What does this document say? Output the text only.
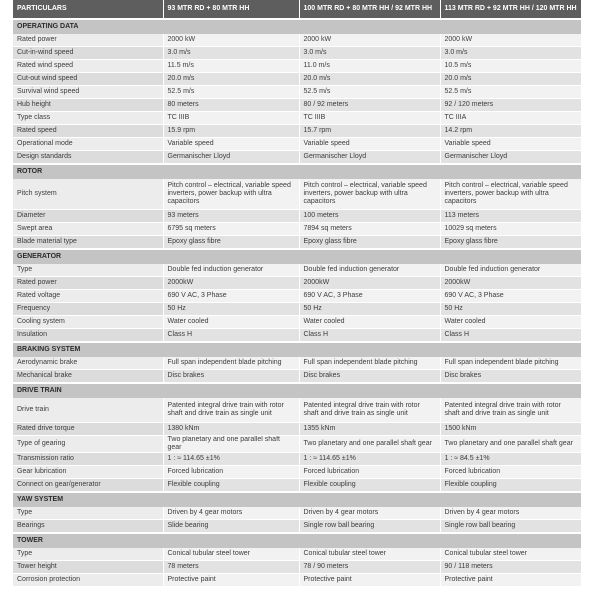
PARTICULARS	93 MTR RD + 80 MTR HH	100 MTR RD + 80 MTR HH / 92 MTR HH	113 MTR RD + 92 MTR HH / 120 MTR HH
OPERATING DATA			
Rated power	2000 kW	2000 kW	2000 kW
Cut-in-wind speed	3.0 m/s	3.0 m/s	3.0 m/s
Rated wind speed	11.5 m/s	11.0 m/s	10.5 m/s
Cut-out wind speed	20.0 m/s	20.0 m/s	20.0 m/s
Survival wind speed	52.5 m/s	52.5 m/s	52.5 m/s
Hub height	80 meters	80 / 92 meters	92 / 120 meters
Type class	TC IIIB	TC IIIB	TC IIIA
Rated speed	15.9 rpm	15.7 rpm	14.2 rpm
Operational mode	Variable speed	Variable speed	Variable speed
Design standards	Germanischer Lloyd	Germanischer Lloyd	Germanischer Lloyd
ROTOR			
Pitch system	Pitch control – electrical, variable speed inverters, power backup with ultra capacitors	Pitch control – electrical, variable speed inverters, power backup with ultra capacitors	Pitch control – electrical, variable speed inverters, power backup with ultra capacitors
Diameter	93 meters	100 meters	113 meters
Swept area	6795 sq meters	7894 sq meters	10029 sq meters
Blade material type	Epoxy glass fibre	Epoxy glass fibre	Epoxy glass fibre
GENERATOR			
Type	Double fed induction generator	Double fed induction generator	Double fed induction generator
Rated power	2000kW	2000kW	2000kW
Rated voltage	690 V AC, 3 Phase	690 V AC, 3 Phase	690 V AC, 3 Phase
Frequency	50 Hz	50 Hz	50 Hz
Cooling system	Water cooled	Water cooled	Water cooled
Insulation	Class H	Class H	Class H
BRAKING SYSTEM			
Aerodynamic brake	Full span independent blade pitching	Full span independent blade pitching	Full span independent blade pitching
Mechanical brake	Disc brakes	Disc brakes	Disc brakes
DRIVE TRAIN			
Drive train	Patented integral drive train with rotor shaft and drive train as single unit	Patented integral drive train with rotor shaft and drive train as single unit	Patented integral drive train with rotor shaft and drive train as single unit
Rated drive torque	1380 kNm	1355 kNm	1500 kNm
Type of gearing	Two planetary and one parallel shaft gear	Two planetary and one parallel shaft gear	Two planetary and one parallel shaft gear
Transmission ratio	1 : ≈ 114.65 ±1%	1 : ≈ 114.65 ±1%	1 : ≈ 84.5 ±1%
Gear lubrication	Forced lubrication	Forced lubrication	Forced lubrication
Connect on gear/generator	Flexible coupling	Flexible coupling	Flexible coupling
YAW SYSTEM			
Type	Driven by 4 gear motors	Driven by 4 gear motors	Driven by 4 gear motors
Bearings	Slide bearing	Single row ball bearing	Single row ball bearing
TOWER			
Type	Conical tubular steel tower	Conical tubular steel tower	Conical tubular steel tower
Tower height	78 meters	78 / 90 meters	90 / 118 meters
Corrosion protection	Protective paint	Protective paint	Protective paint
